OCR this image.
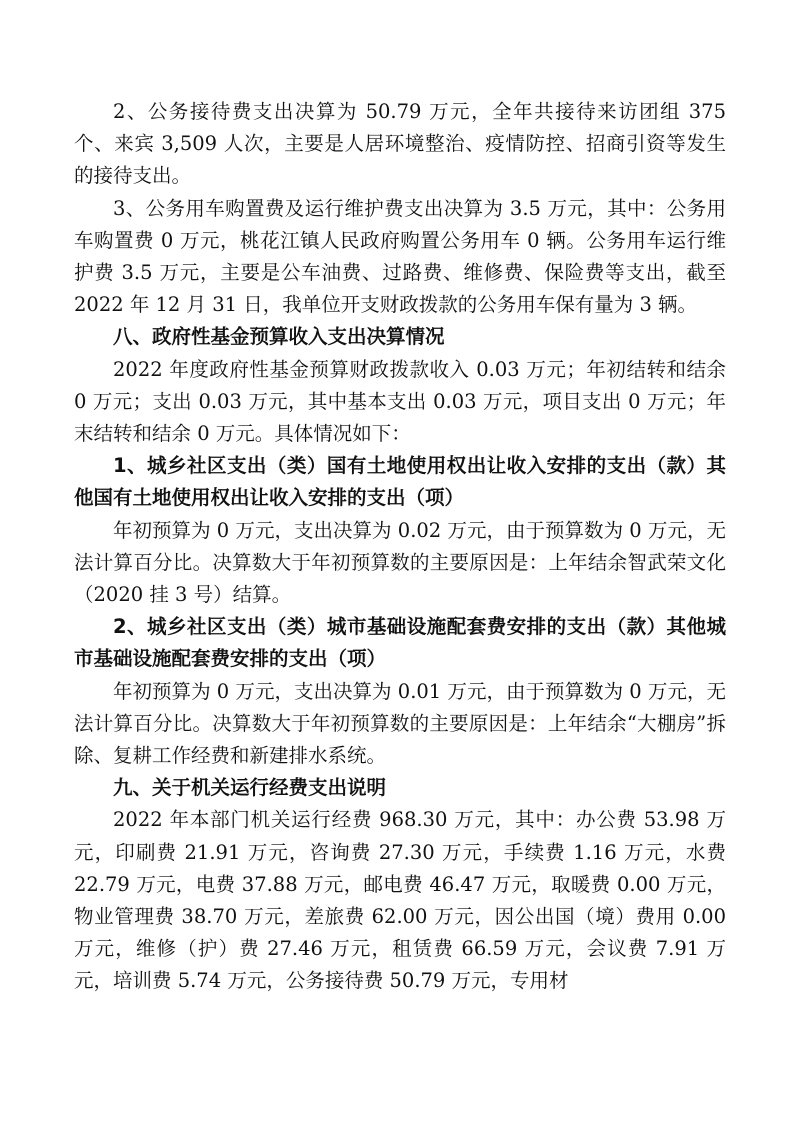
2、公务接待费支出决算为 50.79 万元，全年共接待来访团组 375 个、来宾 3,509 人次，主要是人居环境整治、疫情防控、招商引资等发生的接待支出。

3、公务用车购置费及运行维护费支出决算为 3.5 万元，其中：公务用车购置费 0 万元，桃花江镇人民政府购置公务用车 0 辆。公务用车运行维护费 3.5 万元，主要是公车油费、过路费、维修费、保险费等支出，截至 2022 年 12 月 31 日，我单位开支财政拨款的公务用车保有量为 3 辆。

八、政府性基金预算收入支出决算情况

2022 年度政府性基金预算财政拨款收入 0.03 万元；年初结转和结余 0 万元；支出 0.03 万元，其中基本支出 0.03 万元，项目支出 0 万元；年末结转和结余 0 万元。具体情况如下：

1、城乡社区支出（类）国有土地使用权出让收入安排的支出（款）其他国有土地使用权出让收入安排的支出（项）

年初预算为 0 万元，支出决算为 0.02 万元，由于预算数为 0 万元，无法计算百分比。决算数大于年初预算数的主要原因是：上年结余智武荣文化（2020 挂 3 号）结算。

2、城乡社区支出（类）城市基础设施配套费安排的支出（款）其他城市基础设施配套费安排的支出（项）

年初预算为 0 万元，支出决算为 0.01 万元，由于预算数为 0 万元，无法计算百分比。决算数大于年初预算数的主要原因是：上年结余“大棚房”拆除、复耕工作经费和新建排水系统。

九、关于机关运行经费支出说明

2022 年本部门机关运行经费 968.30 万元，其中：办公费 53.98 万元，印刷费 21.91 万元，咨询费 27.30 万元，手续费 1.16 万元，水费 22.79 万元，电费 37.88 万元，邮电费 46.47 万元，取暖费 0.00 万元，物业管理费 38.70 万元，差旅费 62.00 万元，因公出国（境）费用 0.00 万元，维修（护）费 27.46 万元，租赁费 66.59 万元，会议费 7.91 万元，培训费 5.74 万元，公务接待费 50.79 万元，专用材
